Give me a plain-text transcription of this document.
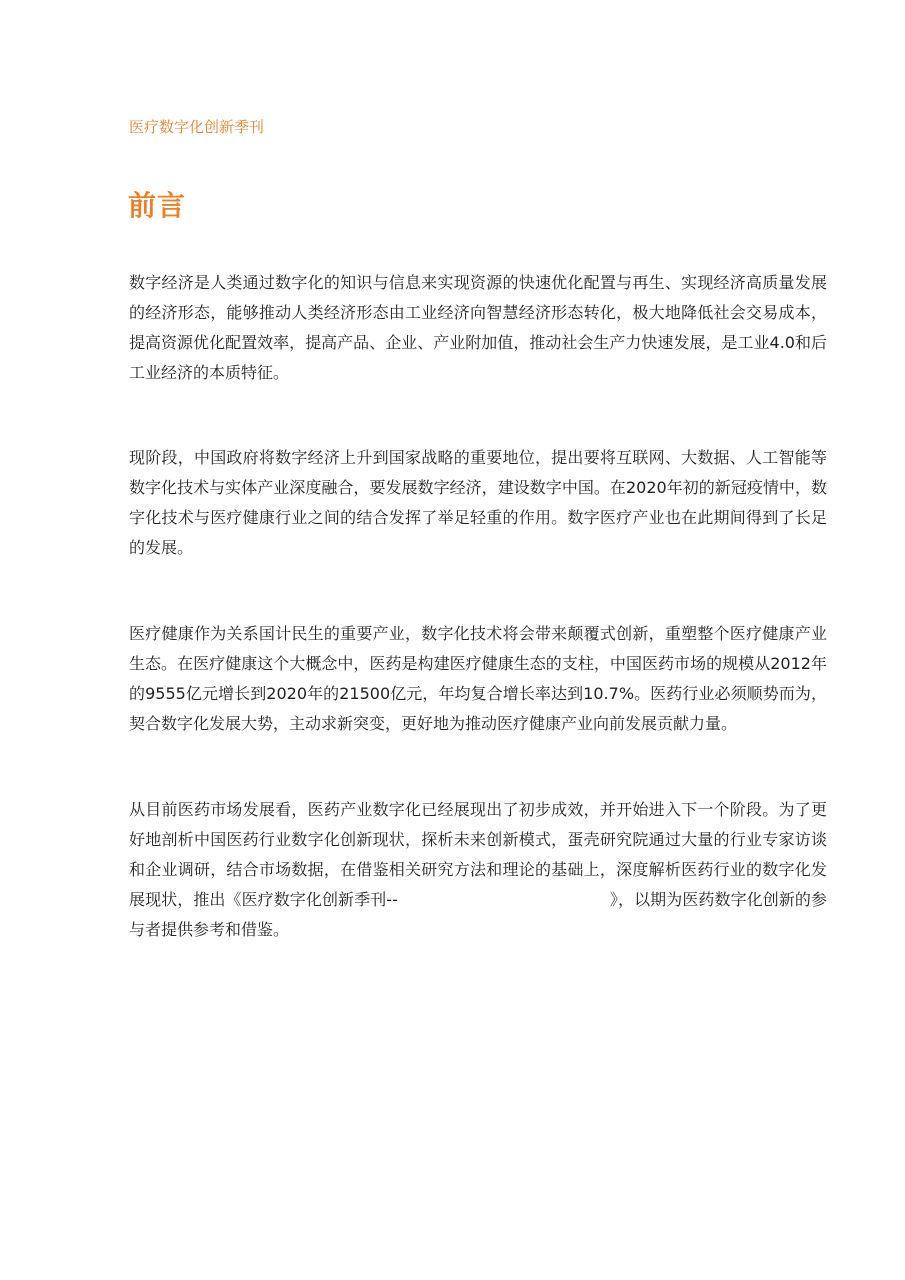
医疗数字化创新季刊
前言

数字经济是人类通过数字化的知识与信息来实现资源的快速优化配置与再生、实现经济高质量发展的经济形态，能够推动人类经济形态由工业经济向智慧经济形态转化，极大地降低社会交易成本，提高资源优化配置效率，提高产品、企业、产业附加值，推动社会生产力快速发展，是工业4.0和后工业经济的本质特征。

现阶段，中国政府将数字经济上升到国家战略的重要地位，提出要将互联网、大数据、人工智能等数字化技术与实体产业深度融合，要发展数字经济，建设数字中国。在2020年初的新冠疫情中，数字化技术与医疗健康行业之间的结合发挥了举足轻重的作用。数字医疗产业也在此期间得到了长足的发展。

医疗健康作为关系国计民生的重要产业，数字化技术将会带来颠覆式创新，重塑整个医疗健康产业生态。在医疗健康这个大概念中，医药是构建医疗健康生态的支柱，中国医药市场的规模从2012年的9555亿元增长到2020年的21500亿元，年均复合增长率达到10.7%。医药行业必须顺势而为，契合数字化发展大势，主动求新突变，更好地为推动医疗健康产业向前发展贡献力量。

从目前医药市场发展看，医药产业数字化已经展现出了初步成效，并开始进入下一个阶段。为了更好地剖析中国医药行业数字化创新现状，探析未来创新模式，蛋壳研究院通过大量的行业专家访谈和企业调研，结合市场数据，在借鉴相关研究方法和理论的基础上，深度解析医药行业的数字化发展现状，推出《医疗数字化创新季刊--	》，以期为医药数字化创新的参与者提供参考和借鉴。
